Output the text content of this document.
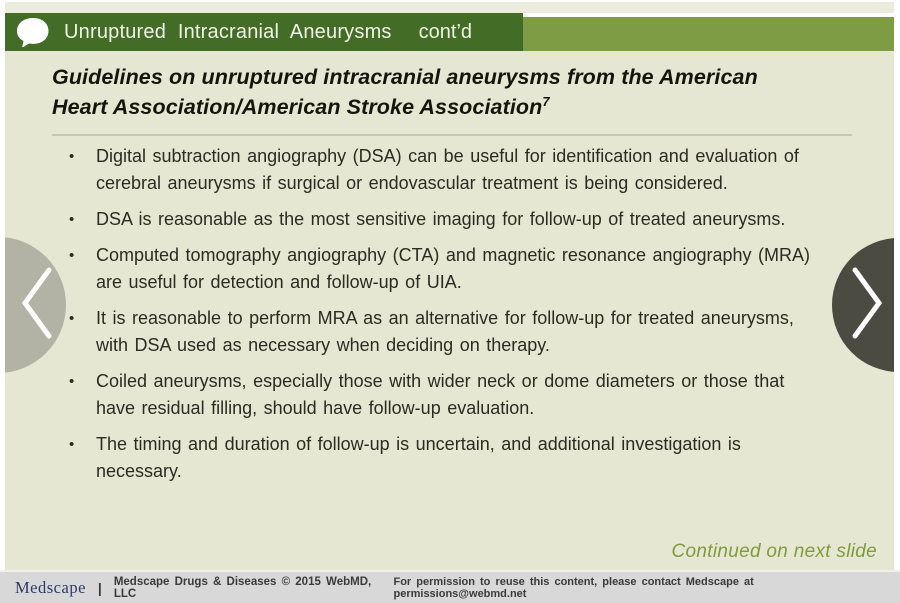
Unruptured Intracranial Aneurysms cont’d
Guidelines on unruptured intracranial aneurysms from the American
Heart Association/American Stroke Association$^7$
• Digital subtraction angiography (DSA) can be useful for identification and evaluation of cerebral aneurysms if surgical or endovascular treatment is being considered.
• DSA is reasonable as the most sensitive imaging for follow-up of treated aneurysms.
• Computed tomography angiography (CTA) and magnetic resonance angiography (MRA) are useful for detection and follow-up of UIA.
• It is reasonable to perform MRA as an alternative for follow-up for treated aneurysms, with DSA used as necessary when deciding on therapy.
• Coiled aneurysms, especially those with wider neck or dome diameters or those that have residual filling, should have follow-up evaluation.
• The timing and duration of follow-up is uncertain, and additional investigation is necessary.
Continued on next slide
Medscape | Medscape Drugs & Diseases © 2015 WebMD, LLC
For permission to reuse this content, please contact Medscape at permissions@webmd.net
